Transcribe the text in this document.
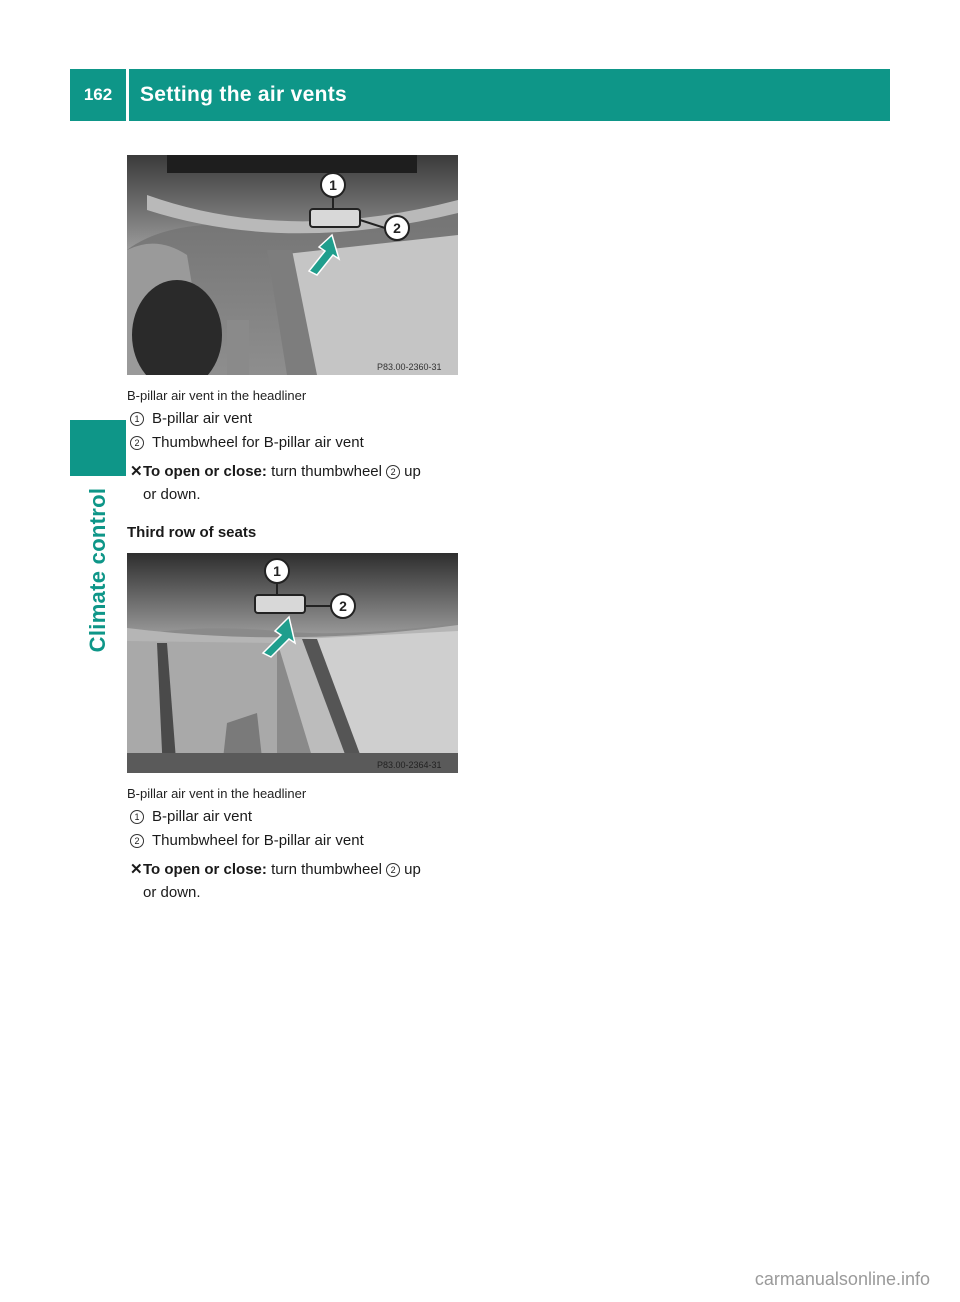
162	Setting the air vents
Climate control
1
2
P83.00-2360-31
B-pillar air vent in the headliner
1 B-pillar air vent
2 Thumbwheel for B-pillar air vent
✕ To open or close: turn thumbwheel 2 up
or down.
Third row of seats
1
2
P83.00-2364-31
B-pillar air vent in the headliner
1 B-pillar air vent
2 Thumbwheel for B-pillar air vent
✕ To open or close: turn thumbwheel 2 up
or down.
carmanualsonline.info
